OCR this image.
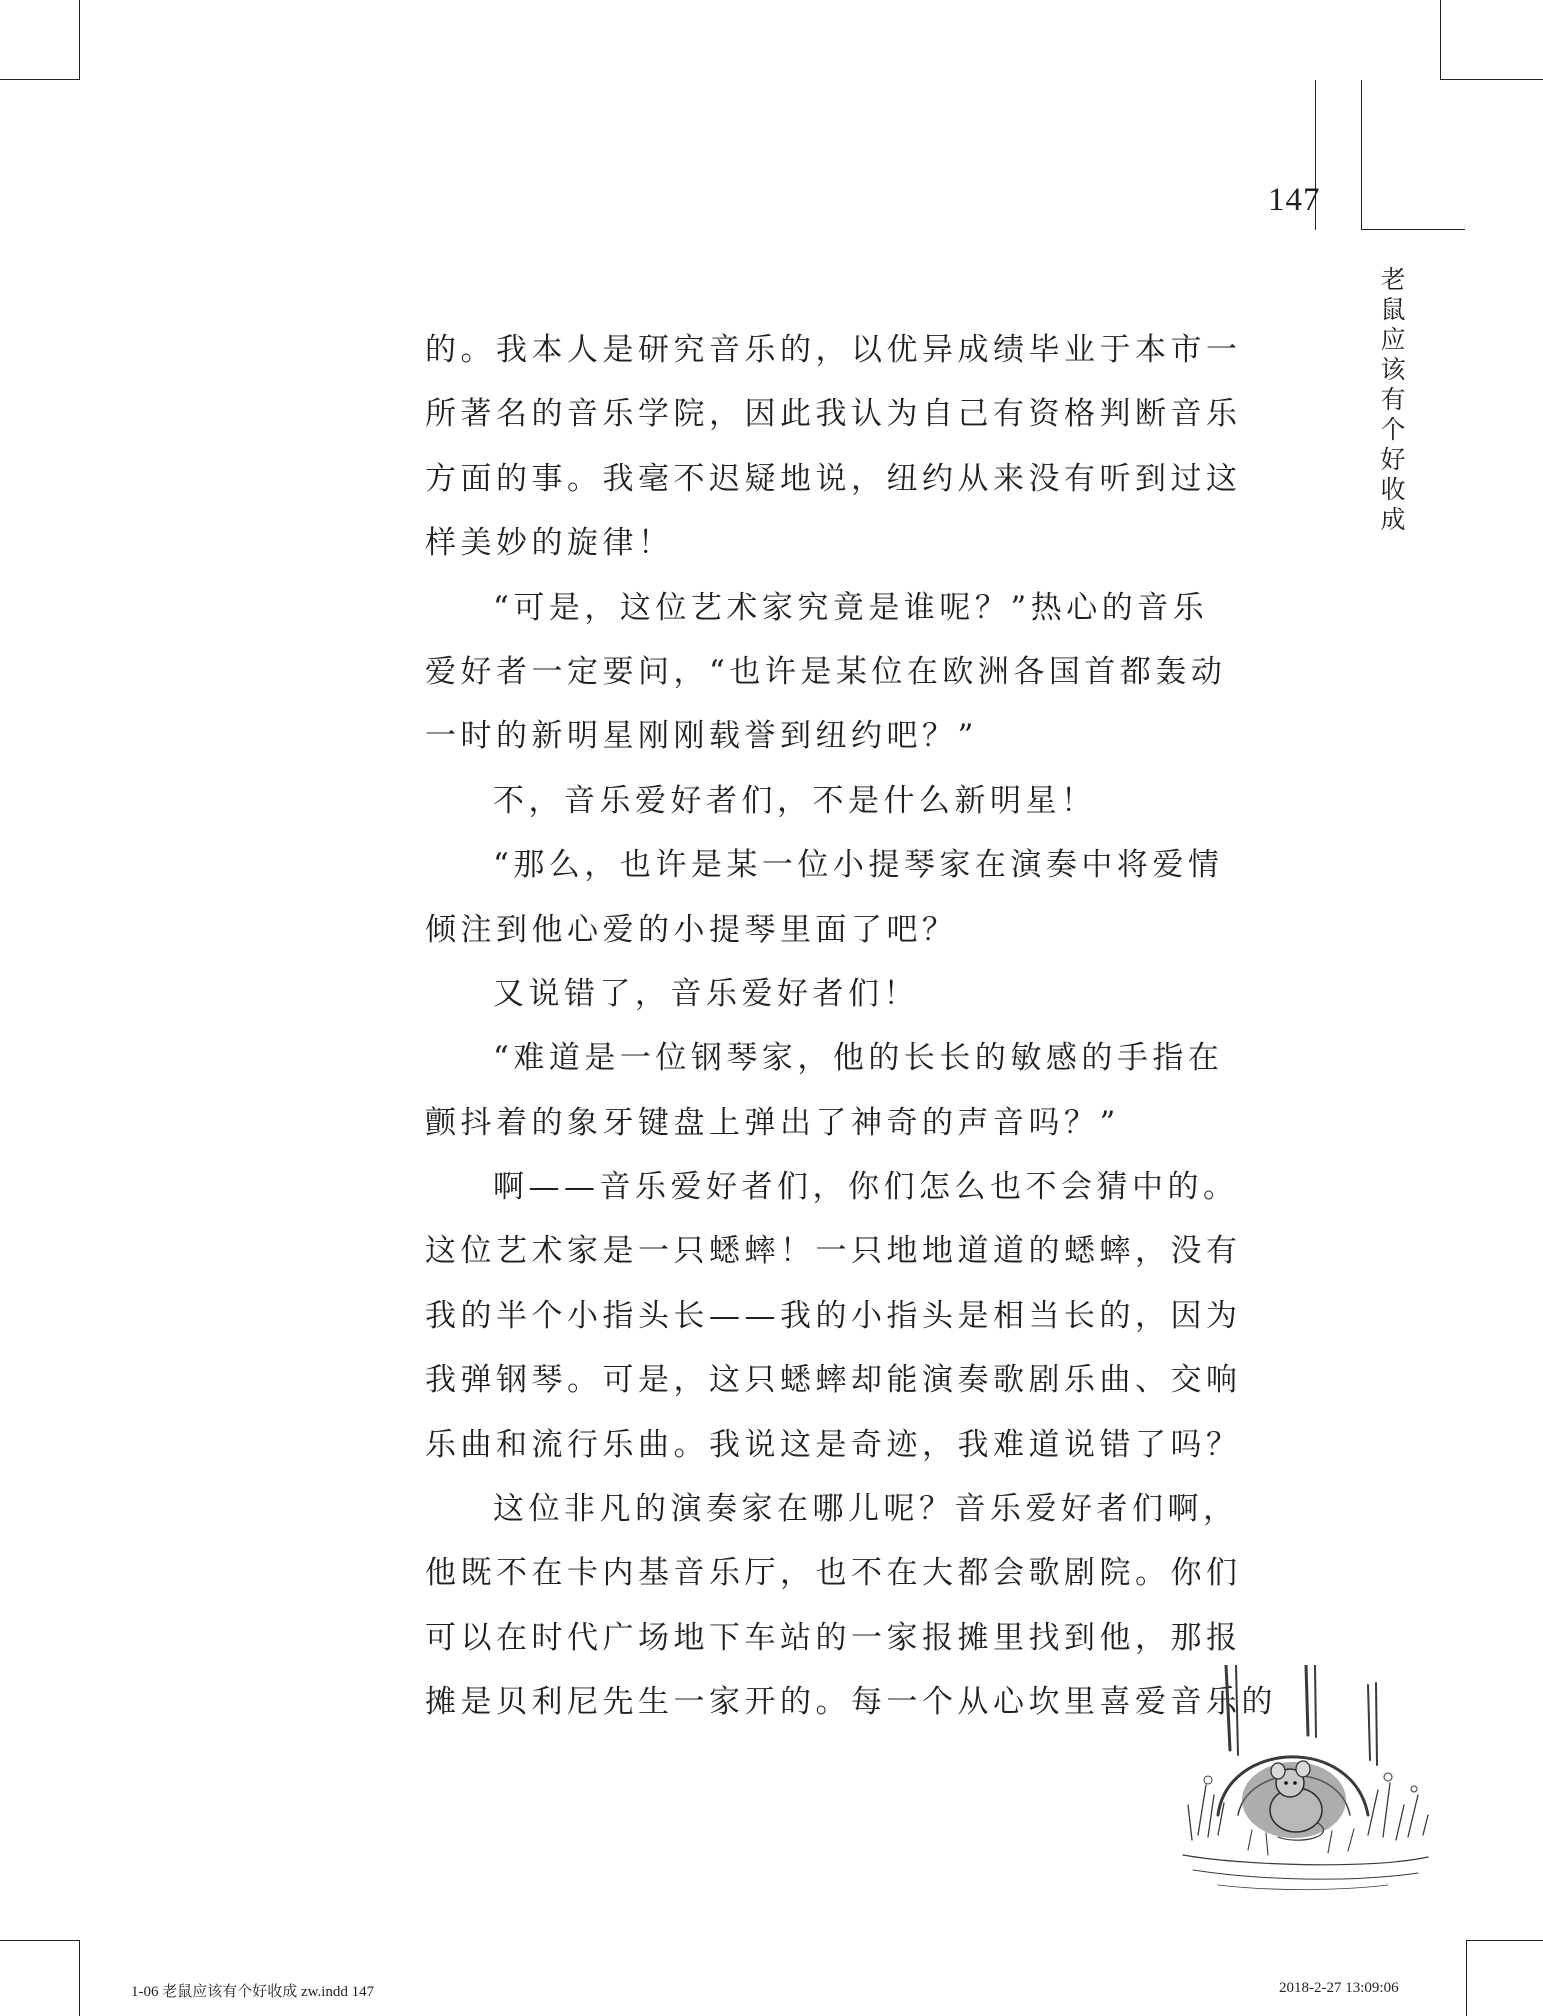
147
老
鼠
应
该
有
个
好
收
成
的。我本人是研究音乐的，以优异成绩毕业于本市一
所著名的音乐学院，因此我认为自己有资格判断音乐
方面的事。我毫不迟疑地说，纽约从来没有听到过这
样美妙的旋律！
“可是，这位艺术家究竟是谁呢？”热心的音乐
爱好者一定要问，“也许是某位在欧洲各国首都轰动
一时的新明星刚刚载誉到纽约吧？”
不，音乐爱好者们，不是什么新明星！
“那么，也许是某一位小提琴家在演奏中将爱情
倾注到他心爱的小提琴里面了吧？
又说错了，音乐爱好者们！
“难道是一位钢琴家，他的长长的敏感的手指在
颤抖着的象牙键盘上弹出了神奇的声音吗？”
啊——音乐爱好者们，你们怎么也不会猜中的。
这位艺术家是一只蟋蟀！一只地地道道的蟋蟀，没有
我的半个小指头长——我的小指头是相当长的，因为
我弹钢琴。可是，这只蟋蟀却能演奏歌剧乐曲、交响
乐曲和流行乐曲。我说这是奇迹，我难道说错了吗？
这位非凡的演奏家在哪儿呢？音乐爱好者们啊，
他既不在卡内基音乐厅，也不在大都会歌剧院。你们
可以在时代广场地下车站的一家报摊里找到他，那报
摊是贝利尼先生一家开的。每一个从心坎里喜爱音乐的
1-06 老鼠应该有个好收成 zw.indd 147	2018-2-27 13:09:06
